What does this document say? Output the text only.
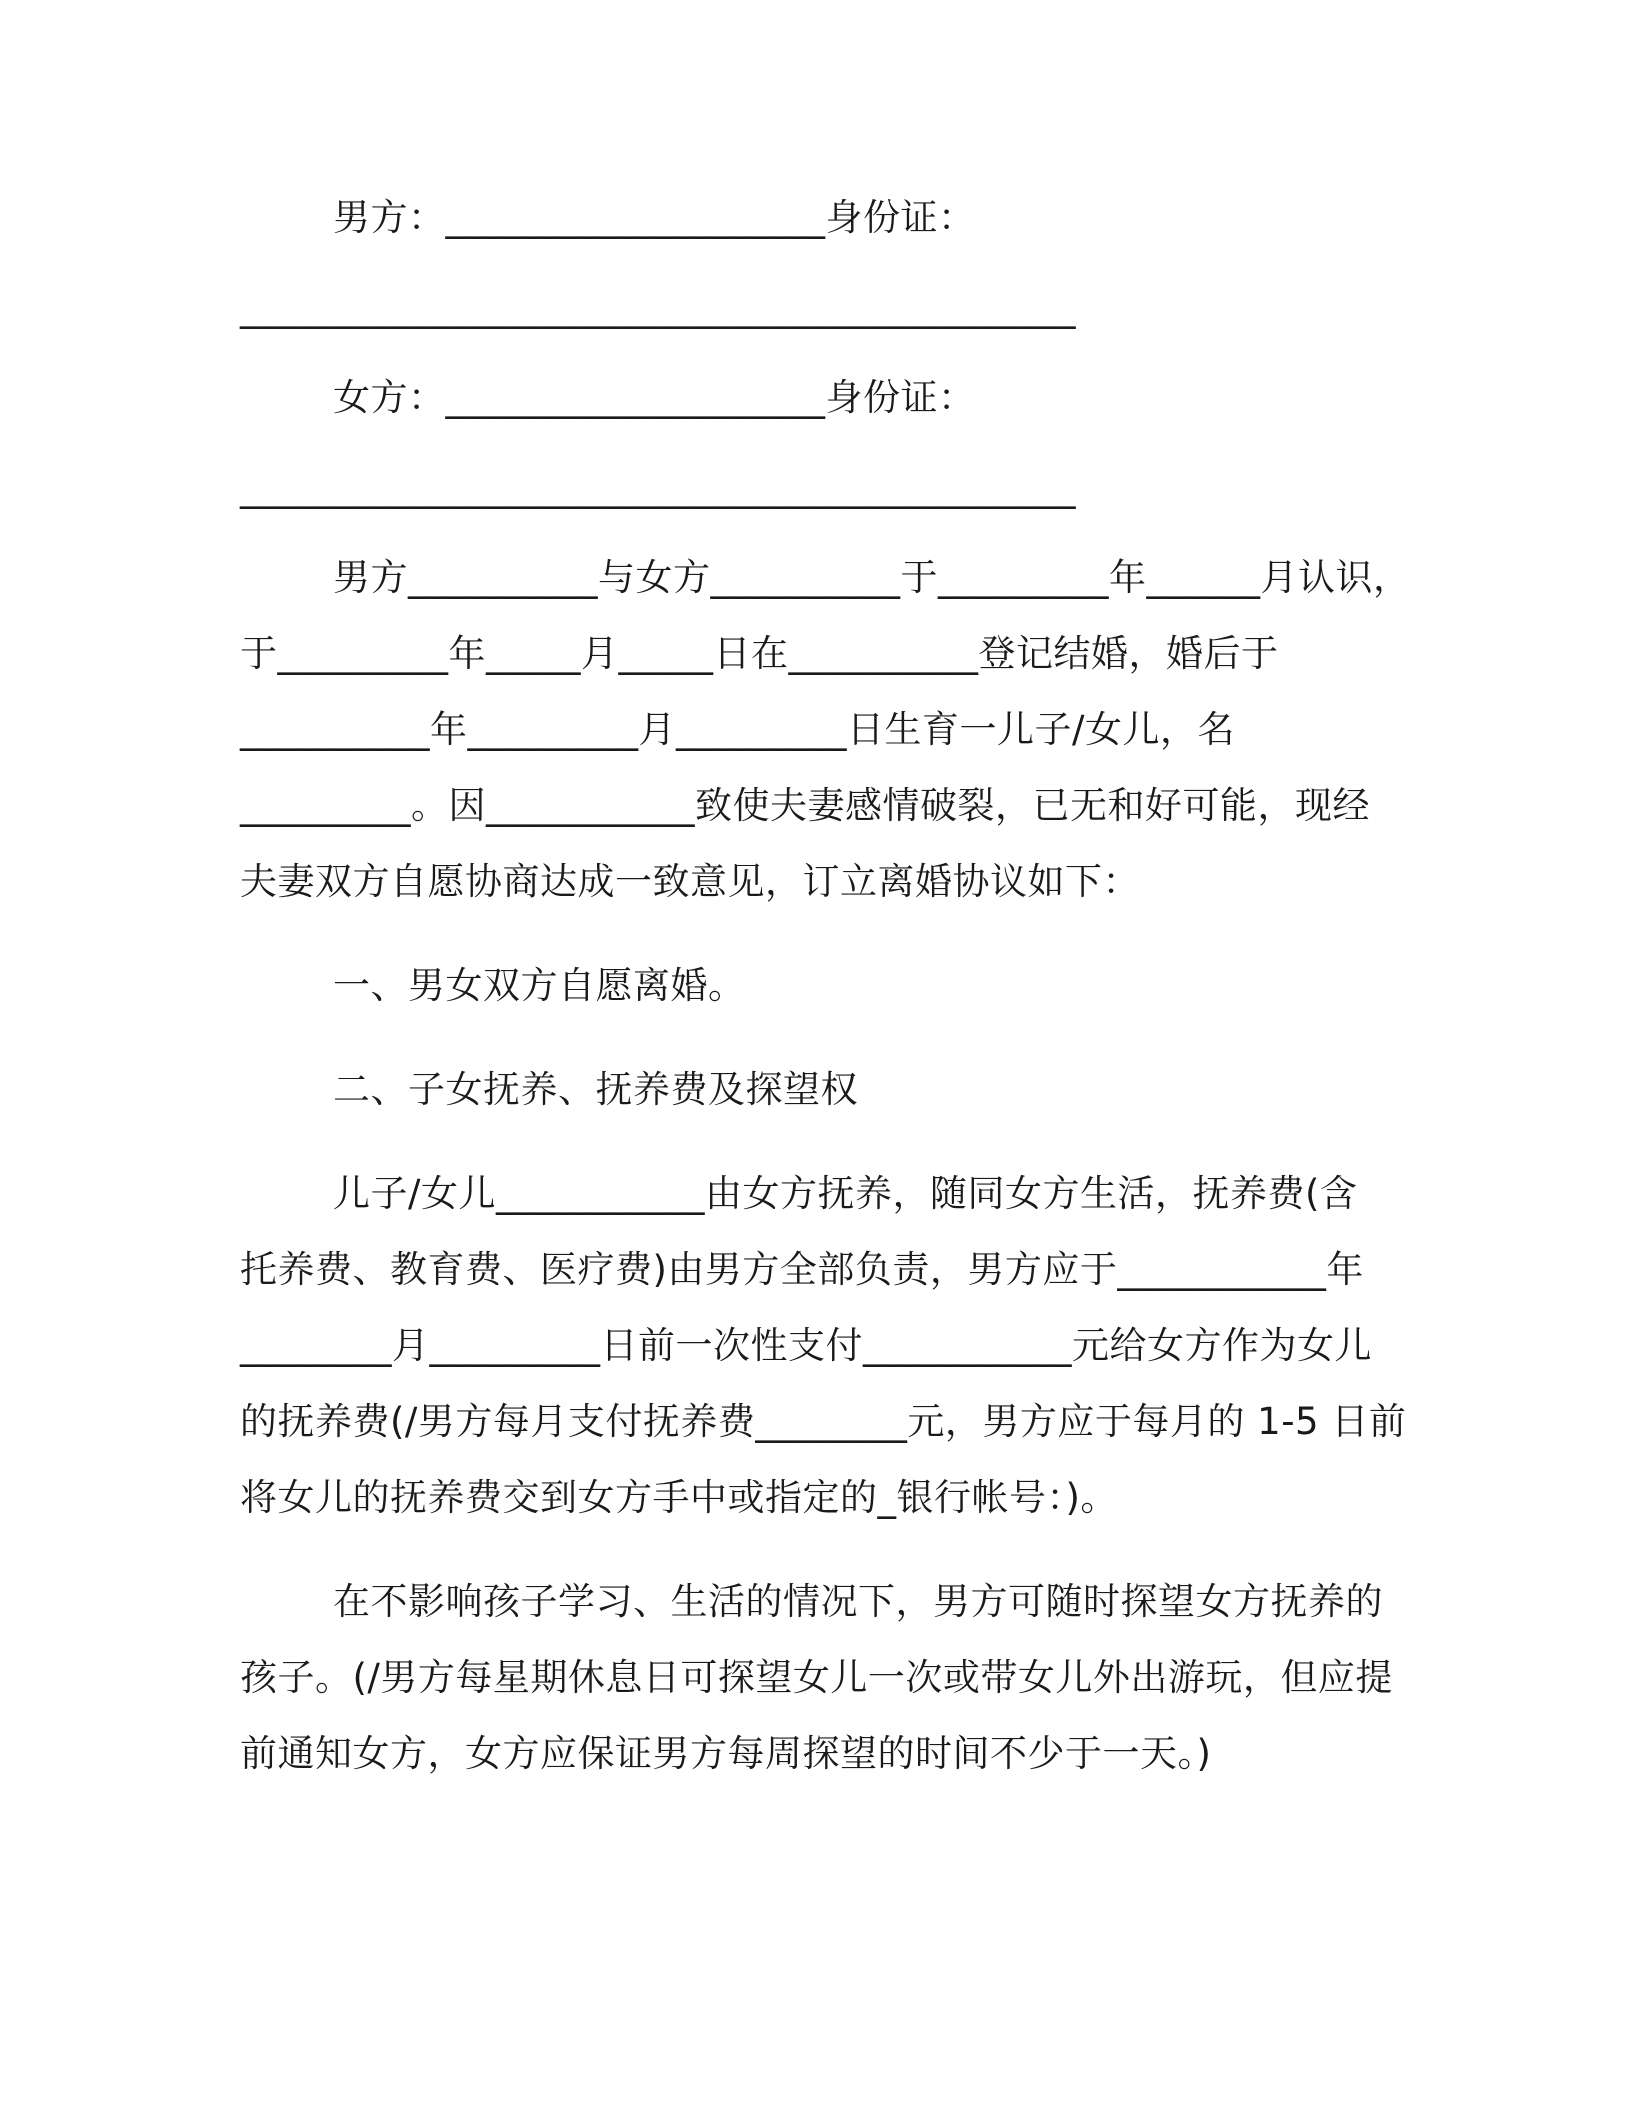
男方：____________________身份证：
____________________________________________
女方：____________________身份证：
____________________________________________
男方__________与女方__________于_________年______月认识，
于_________年_____月_____日在__________登记结婚，婚后于
__________年_________月_________日生育一儿子/女儿，名
_________。因___________致使夫妻感情破裂，已无和好可能，现经
夫妻双方自愿协商达成一致意见，订立离婚协议如下：
一、男女双方自愿离婚。
二、子女抚养、抚养费及探望权
儿子/女儿___________由女方抚养，随同女方生活，抚养费(含
托养费、教育费、医疗费)由男方全部负责，男方应于___________年
________月_________日前一次性支付___________元给女方作为女儿
的抚养费(/男方每月支付抚养费________元，男方应于每月的 1-5 日前
将女儿的抚养费交到女方手中或指定的_银行帐号：)。
在不影响孩子学习、生活的情况下，男方可随时探望女方抚养的
孩子。(/男方每星期休息日可探望女儿一次或带女儿外出游玩，但应提
前通知女方，女方应保证男方每周探望的时间不少于一天。)
